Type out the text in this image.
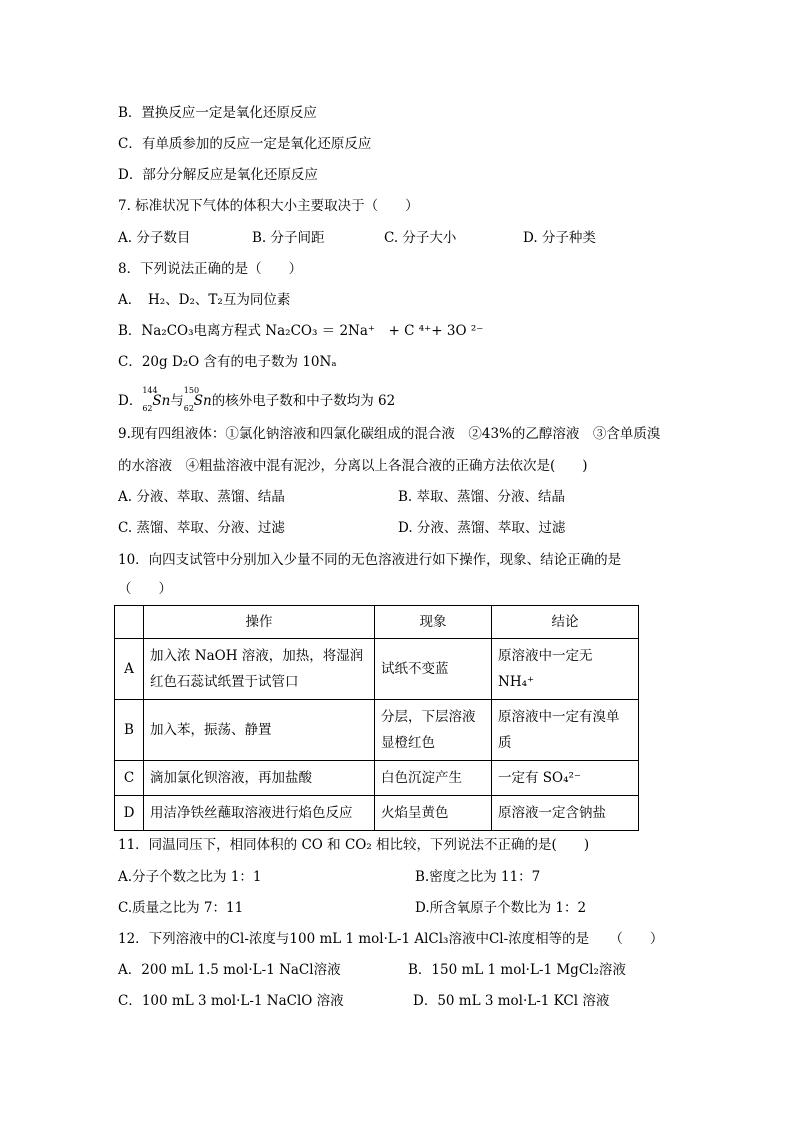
B．置换反应一定是氧化还原反应
C．有单质参加的反应一定是氧化还原反应
D．部分分解反应是氧化还原反应
7. 标准状况下气体的体积大小主要取决于（　　）
A. 分子数目	B. 分子间距	C. 分子大小	D. 分子种类
8．下列说法正确的是（　　）
A．　H₂、D₂、T₂互为同位素
B．Na₂CO₃电离方程式 Na₂CO₃ ＝ 2Na⁺　+ C ⁴⁺+ 3O ²⁻
C．20g D₂O 含有的电子数为 10Nₐ
D．
144
62 Sn与
150
62 Sn的核外电子数和中子数均为 62
9.现有四组液体：①氯化钠溶液和四氯化碳组成的混合液　②43%的乙醇溶液　③含单质溴
的水溶液　④粗盐溶液中混有泥沙，分离以上各混合液的正确方法依次是(　　)
A. 分液、萃取、蒸馏、结晶	B. 萃取、蒸馏、分液、结晶
C. 蒸馏、萃取、分液、过滤	D. 分液、蒸馏、萃取、过滤
10．向四支试管中分别加入少量不同的无色溶液进行如下操作，现象、结论正确的是
（　　）
	操作	现象	结论
A	加入浓 NaOH 溶液，加热，将湿润红色石蕊试纸置于试管口	试纸不变蓝	原溶液中一定无 NH₄⁺
B	加入苯，振荡、静置	分层，下层溶液显橙红色	原溶液中一定有溴单质
C	滴加氯化钡溶液，再加盐酸	白色沉淀产生	一定有 SO₄²⁻
D	用洁净铁丝蘸取溶液进行焰色反应	火焰呈黄色	原溶液一定含钠盐
11．同温同压下，相同体积的 CO 和 CO₂ 相比较，下列说法不正确的是(　　)
A.分子个数之比为 1：1	B.密度之比为 11：7
C.质量之比为 7：11	D.所含氧原子个数比为 1：2
12．下列溶液中的Cl-浓度与100 mL 1 mol·L-1 AlCl₃溶液中Cl-浓度相等的是　　（　　）
A．200 mL 1.5 mol·L-1 NaCl溶液	B．150 mL 1 mol·L-1 MgCl₂溶液
C．100 mL 3 mol·L-1 NaClO 溶液	D．50 mL 3 mol·L-1 KCl 溶液
